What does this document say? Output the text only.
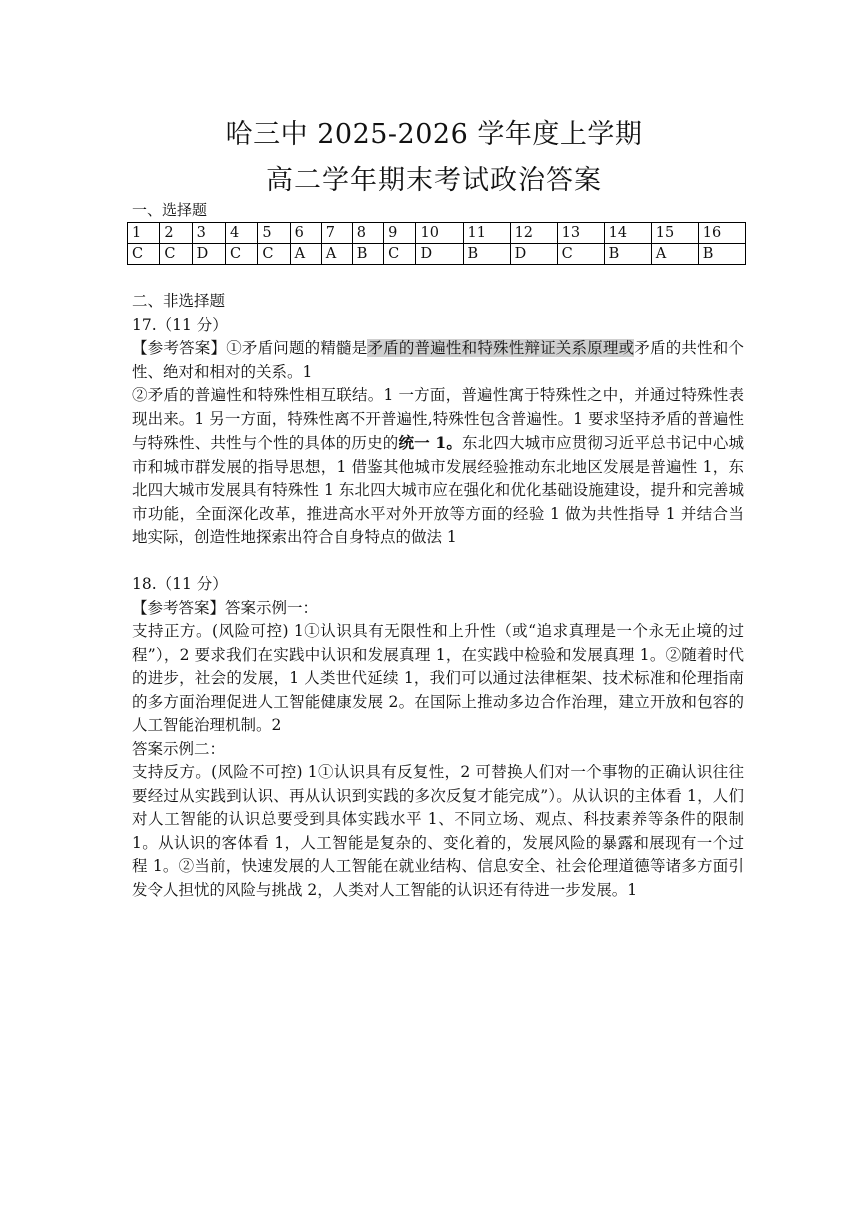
哈三中 2025-2026 学年度上学期
高二学年期末考试政治答案
一、选择题
1	2	3	4	5	6	7	8	9	10	11	12	13	14	15	16
C	C	D	C	C	A	A	B	C	D	B	D	C	B	A	B

二、非选择题

17.（11 分）

【参考答案】①矛盾问题的精髓是矛盾的普遍性和特殊性辩证关系原理或矛盾的共性和个性、绝对和相对的关系。1

②矛盾的普遍性和特殊性相互联结。1 一方面，普遍性寓于特殊性之中，并通过特殊性表现出来。1 另一方面，特殊性离不开普遍性,特殊性包含普遍性。1 要求坚持矛盾的普遍性与特殊性、共性与个性的具体的历史的统一 1。东北四大城市应贯彻习近平总书记中心城市和城市群发展的指导思想，1 借鉴其他城市发展经验推动东北地区发展是普遍性 1，东北四大城市发展具有特殊性 1 东北四大城市应在强化和优化基础设施建设，提升和完善城市功能，全面深化改革，推进高水平对外开放等方面的经验 1 做为共性指导 1 并结合当地实际，创造性地探索出符合自身特点的做法 1

18.（11 分）

【参考答案】答案示例一：

支持正方。(风险可控) 1①认识具有无限性和上升性（或“追求真理是一个永无止境的过程”），2 要求我们在实践中认识和发展真理 1，在实践中检验和发展真理 1。②随着时代的进步，社会的发展，1 人类世代延续 1，我们可以通过法律框架、技术标准和伦理指南的多方面治理促进人工智能健康发展 2。在国际上推动多边合作治理，建立开放和包容的人工智能治理机制。2

答案示例二：

支持反方。(风险不可控) 1①认识具有反复性，2 可替换人们对一个事物的正确认识往往要经过从实践到认识、再从认识到实践的多次反复才能完成”）。从认识的主体看 1，人们对人工智能的认识总要受到具体实践水平 1、不同立场、观点、科技素养等条件的限制 1。从认识的客体看 1，人工智能是复杂的、变化着的，发展风险的暴露和展现有一个过程 1。②当前，快速发展的人工智能在就业结构、信息安全、社会伦理道德等诸多方面引发令人担忧的风险与挑战 2，人类对人工智能的认识还有待进一步发展。1
